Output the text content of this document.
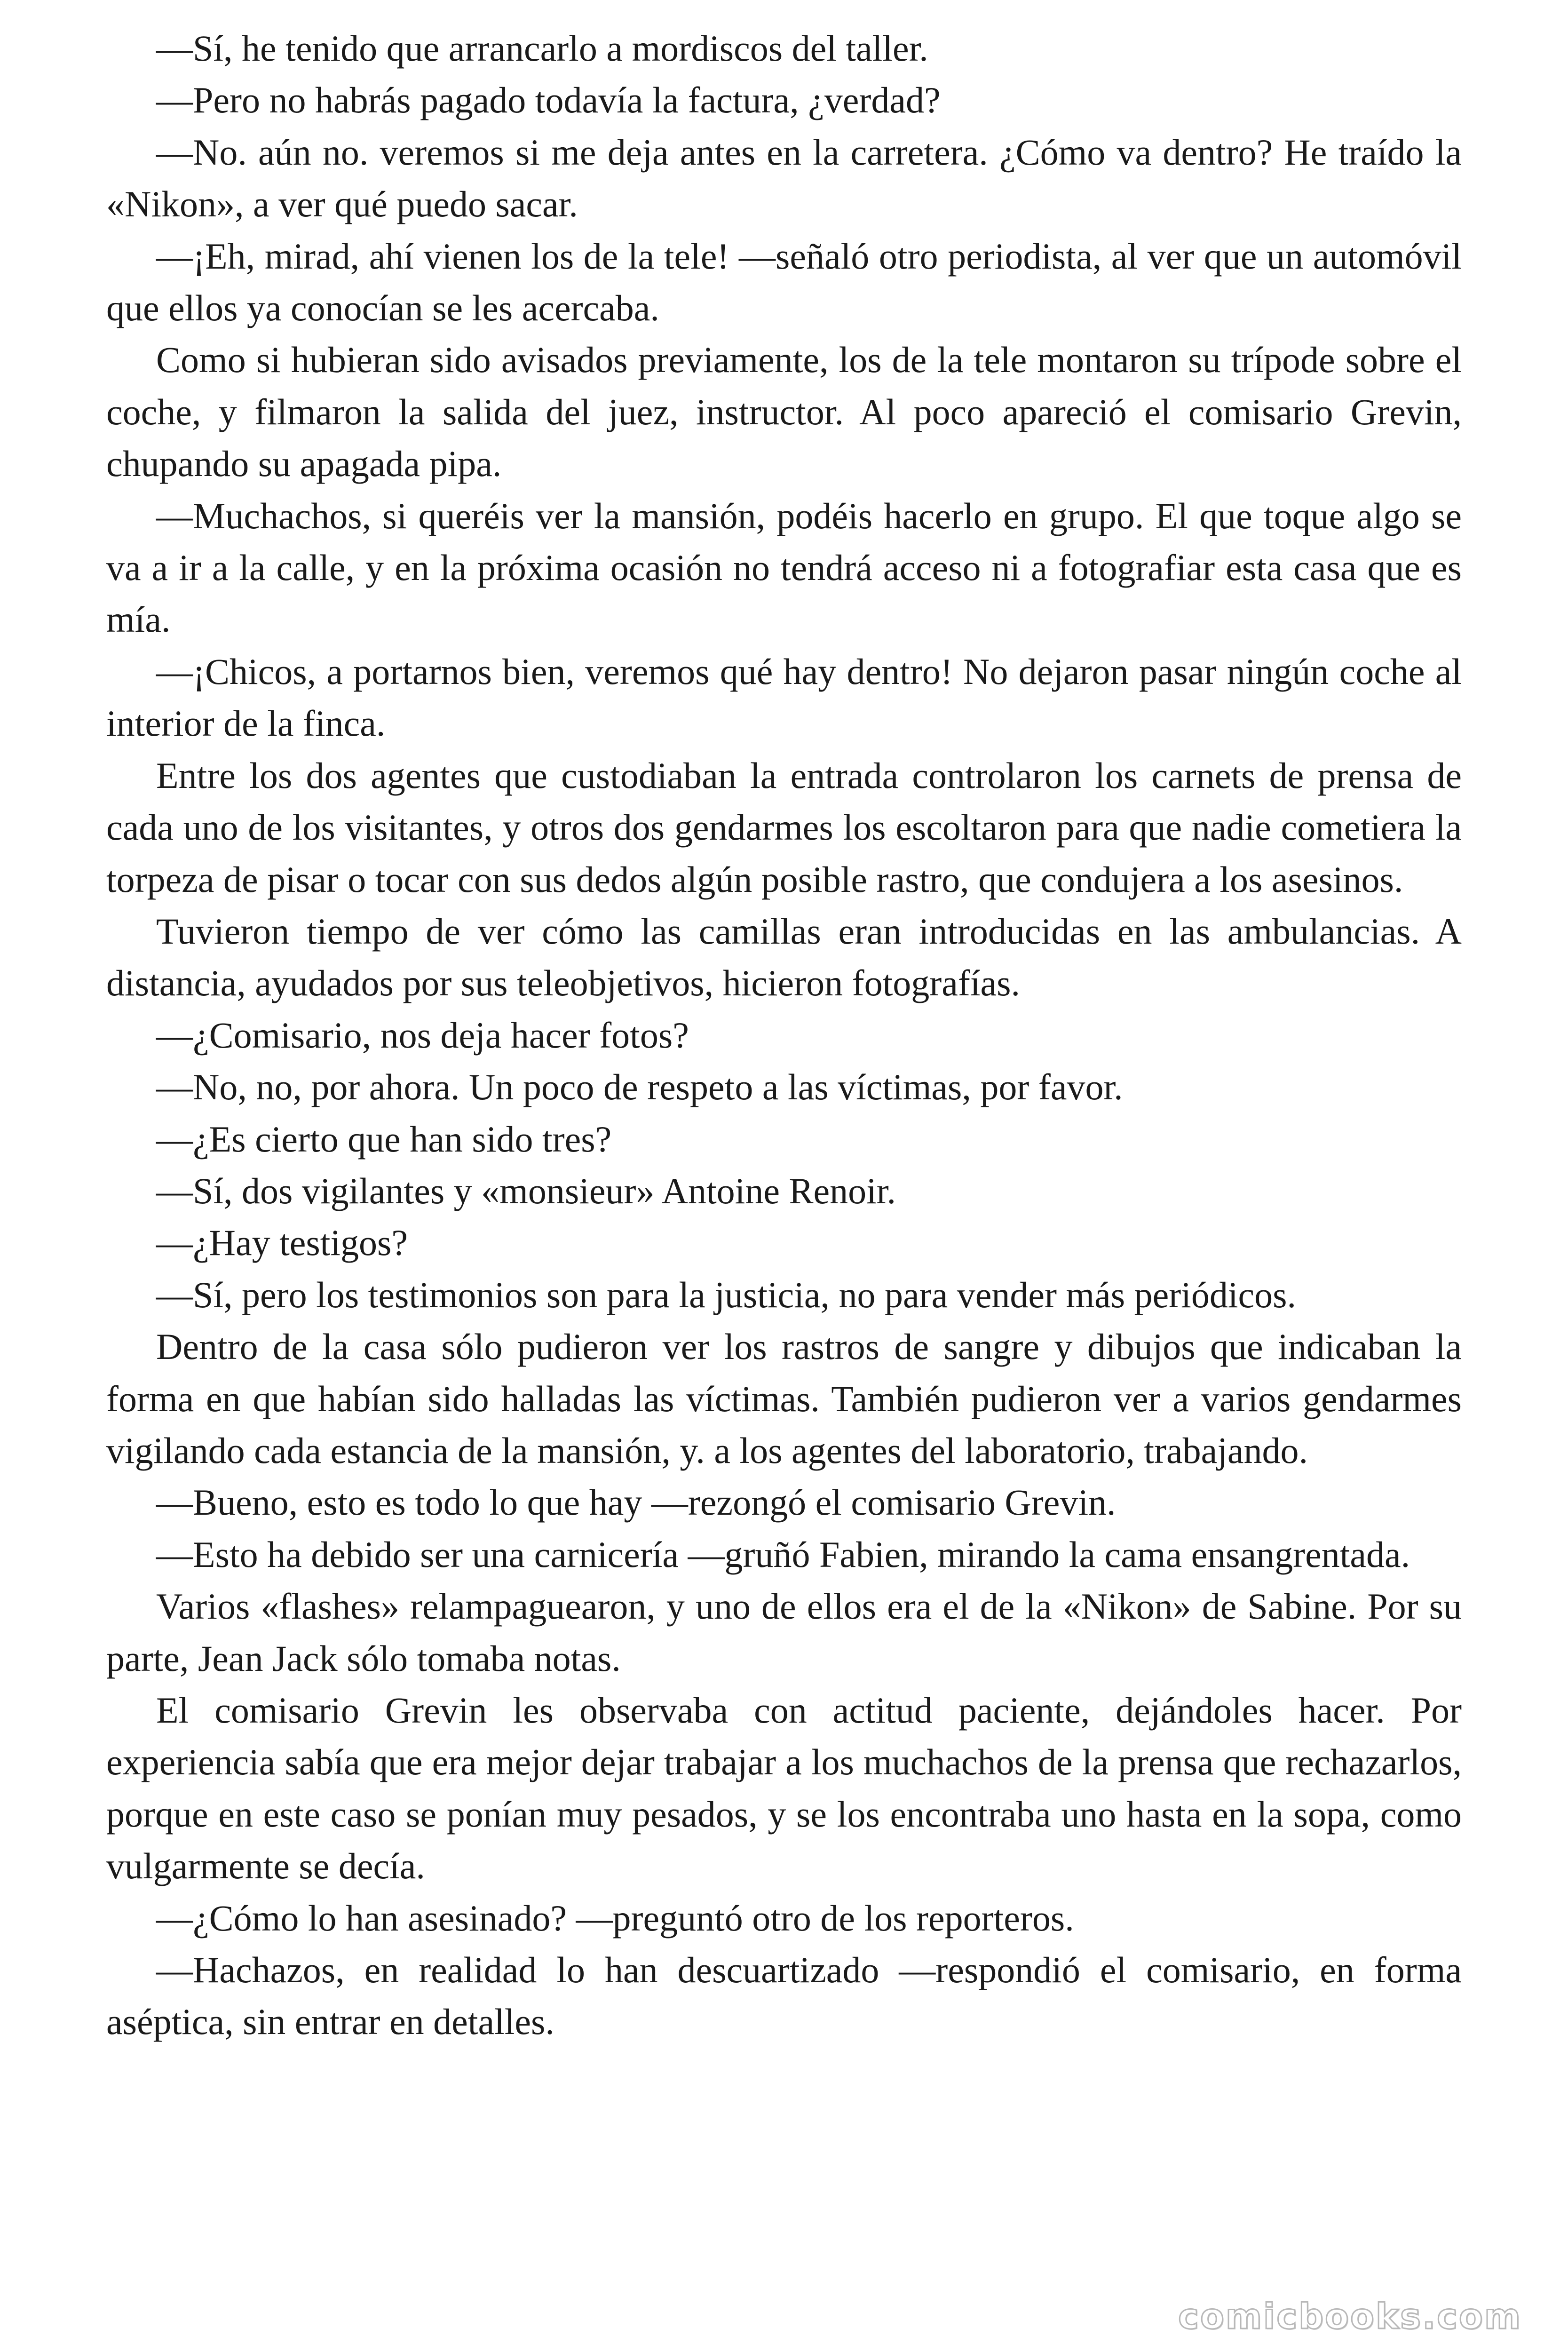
—Sí, he tenido que arrancarlo a mordiscos del taller.

—Pero no habrás pagado todavía la factura, ¿verdad?

—No. aún no. veremos si me deja antes en la carretera. ¿Cómo va dentro? He traído la «Nikon», a ver qué puedo sacar.

—¡Eh, mirad, ahí vienen los de la tele! —señaló otro periodista, al ver que un automóvil que ellos ya conocían se les acercaba.

Como si hubieran sido avisados previamente, los de la tele montaron su trípode sobre el coche, y filmaron la salida del juez, instructor. Al poco apareció el comisario Grevin, chupando su apagada pipa.

—Muchachos, si queréis ver la mansión, podéis hacerlo en grupo. El que toque algo se va a ir a la calle, y en la próxima ocasión no tendrá acceso ni a fotografiar esta casa que es mía.

—¡Chicos, a portarnos bien, veremos qué hay dentro! No dejaron pasar ningún coche al interior de la finca.

Entre los dos agentes que custodiaban la entrada controlaron los carnets de prensa de cada uno de los visitantes, y otros dos gendarmes los escoltaron para que nadie cometiera la torpeza de pisar o tocar con sus dedos algún posible rastro, que condujera a los asesinos.

Tuvieron tiempo de ver cómo las camillas eran introducidas en las ambulancias. A distancia, ayudados por sus teleobjetivos, hicieron fotografías.

—¿Comisario, nos deja hacer fotos?

—No, no, por ahora. Un poco de respeto a las víctimas, por favor.

—¿Es cierto que han sido tres?

—Sí, dos vigilantes y «monsieur» Antoine Renoir.

—¿Hay testigos?

—Sí, pero los testimonios son para la justicia, no para vender más periódicos.

Dentro de la casa sólo pudieron ver los rastros de sangre y dibujos que indicaban la forma en que habían sido halladas las víctimas. También pudieron ver a varios gendarmes vigilando cada estancia de la mansión, y. a los agentes del laboratorio, trabajando.

—Bueno, esto es todo lo que hay —rezongó el comisario Grevin.

—Esto ha debido ser una carnicería —gruñó Fabien, mirando la cama ensangrentada.

Varios «flashes» relampaguearon, y uno de ellos era el de la «Nikon» de Sabine. Por su parte, Jean Jack sólo tomaba notas.

El comisario Grevin les observaba con actitud paciente, dejándoles hacer. Por experiencia sabía que era mejor dejar trabajar a los muchachos de la prensa que rechazarlos, porque en este caso se ponían muy pesados, y se los encontraba uno hasta en la sopa, como vulgarmente se decía.

—¿Cómo lo han asesinado? —preguntó otro de los reporteros.

—Hachazos, en realidad lo han descuartizado —respondió el comisario, en forma aséptica, sin entrar en detalles.

comicbooks.com
